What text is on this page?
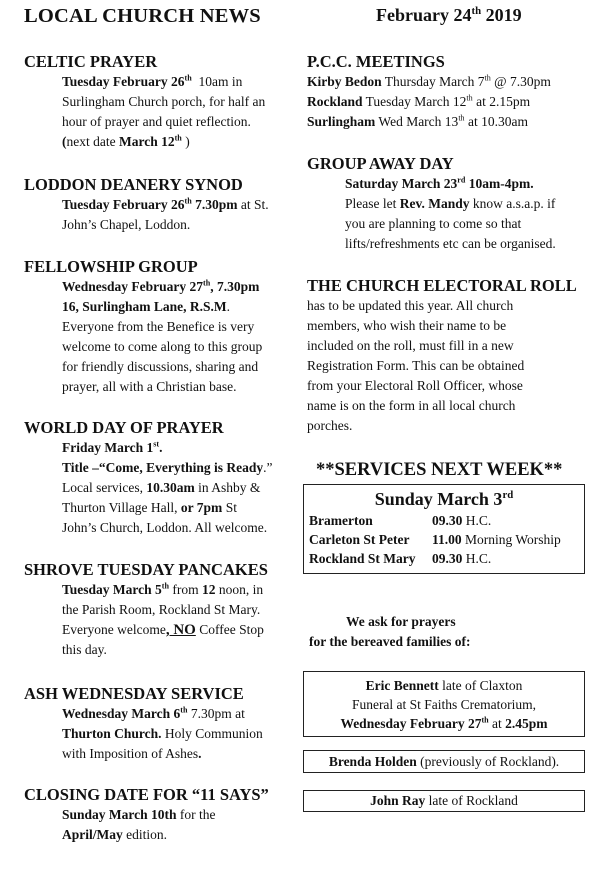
LOCAL CHURCH NEWS	February 24th 2019
CELTIC PRAYER
Tuesday February 26th  10am in
Surlingham Church porch, for half an
hour of prayer and quiet reflection.
(next date March 12th )
LODDON DEANERY SYNOD
Tuesday February 26th 7.30pm at St.
John’s Chapel, Loddon.
FELLOWSHIP GROUP
Wednesday February 27th, 7.30pm
16, Surlingham Lane, R.S.M.
Everyone from the Benefice is very
welcome to come along to this group
for friendly discussions, sharing and
prayer, all with a Christian base.
WORLD DAY OF PRAYER
Friday March 1st.
Title –“Come, Everything is Ready.”
Local services, 10.30am in Ashby &
Thurton Village Hall, or 7pm St
John’s Church, Loddon. All welcome.
SHROVE TUESDAY PANCAKES
Tuesday March 5th from 12 noon, in
the Parish Room, Rockland St Mary.
Everyone welcome, NO Coffee Stop
this day.
ASH WEDNESDAY SERVICE
Wednesday March 6th 7.30pm at
Thurton Church. Holy Communion
with Imposition of Ashes.
CLOSING DATE FOR “11 SAYS”
Sunday March 10th for the
April/May edition.
P.C.C. MEETINGS
Kirby Bedon Thursday March 7th @ 7.30pm
Rockland Tuesday March 12th at 2.15pm
Surlingham Wed March 13th at 10.30am
GROUP AWAY DAY
Saturday March 23rd 10am-4pm.
Please let Rev. Mandy know a.s.a.p. if
you are planning to come so that
lifts/refreshments etc can be organised.
THE CHURCH ELECTORAL ROLL
has to be updated this year. All church
members, who wish their name to be
included on the roll, must fill in a new
Registration Form. This can be obtained
from your Electoral Roll Officer, whose
name is on the form in all local church
porches.
**SERVICES NEXT WEEK**
Sunday March 3rd
Bramerton	09.30 H.C.
Carleton St Peter	11.00 Morning Worship
Rockland St Mary	09.30 H.C.
We ask for prayers
for the bereaved families of:
Eric Bennett late of Claxton
Funeral at St Faiths Crematorium,
Wednesday February 27th at 2.45pm
Brenda Holden (previously of Rockland).
John Ray late of Rockland
